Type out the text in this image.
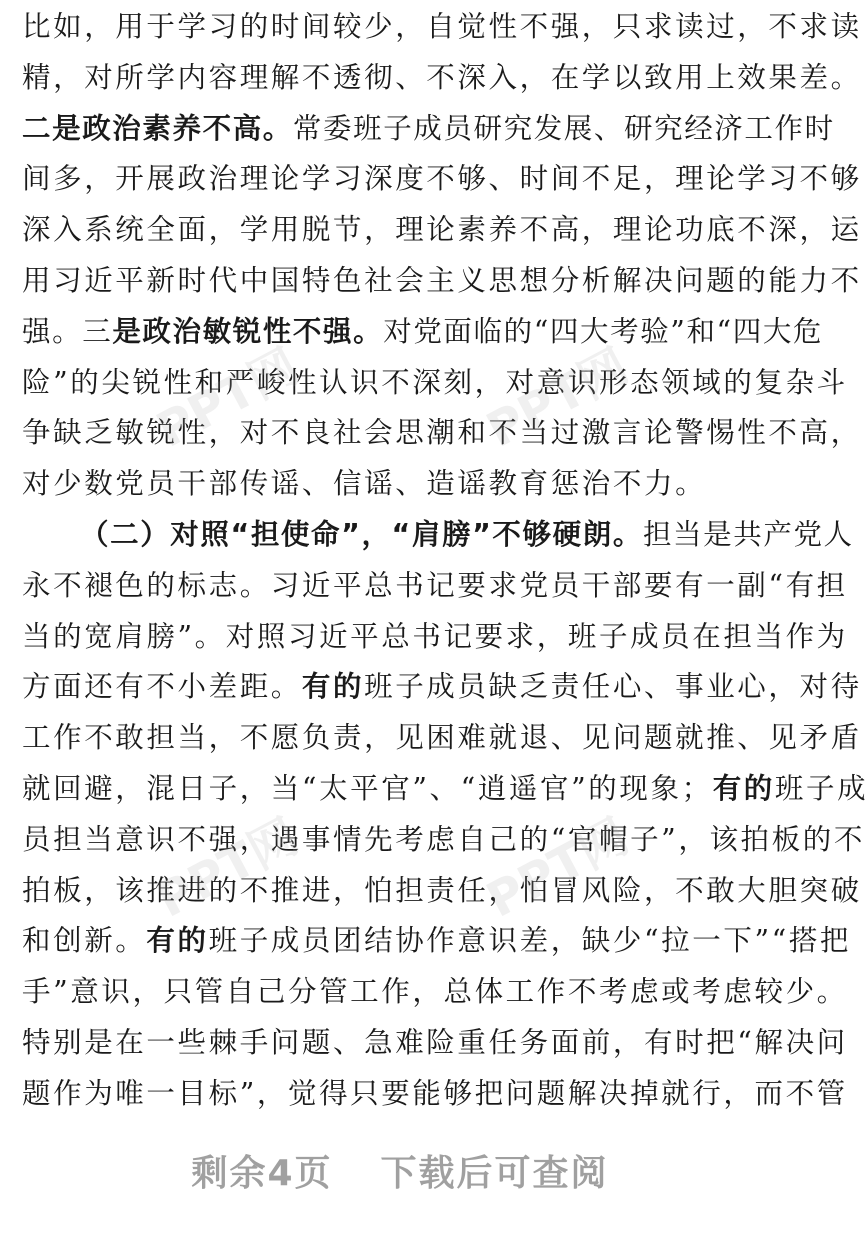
比如，用于学习的时间较少，自觉性不强，只求读过，不求读
精，对所学内容理解不透彻、不深入，在学以致用上效果差。
二是政治素养不高。常委班子成员研究发展、研究经济工作时
间多，开展政治理论学习深度不够、时间不足，理论学习不够
深入系统全面，学用脱节，理论素养不高，理论功底不深，运
用习近平新时代中国特色社会主义思想分析解决问题的能力不
强。三是政治敏锐性不强。对党面临的“四大考验”和“四大危
险”的尖锐性和严峻性认识不深刻，对意识形态领域的复杂斗
争缺乏敏锐性，对不良社会思潮和不当过激言论警惕性不高，
对少数党员干部传谣、信谣、造谣教育惩治不力。
（二）对照“担使命”，“肩膀”不够硬朗。担当是共产党人
永不褪色的标志。习近平总书记要求党员干部要有一副“有担
当的宽肩膀”。对照习近平总书记要求，班子成员在担当作为
方面还有不小差距。有的班子成员缺乏责任心、事业心，对待
工作不敢担当，不愿负责，见困难就退、见问题就推、见矛盾
就回避，混日子，当“太平官”、“逍遥官”的现象；有的班子成
员担当意识不强，遇事情先考虑自己的“官帽子”，该拍板的不
拍板，该推进的不推进，怕担责任，怕冒风险，不敢大胆突破
和创新。有的班子成员团结协作意识差，缺少“拉一下”“搭把
手”意识，只管自己分管工作，总体工作不考虑或考虑较少。
特别是在一些棘手问题、急难险重任务面前，有时把“解决问
题作为唯一目标”，觉得只要能够把问题解决掉就行，而不管
PPT网	PPT网
PPT网	PPT网
剩余4页 下载后可查阅
